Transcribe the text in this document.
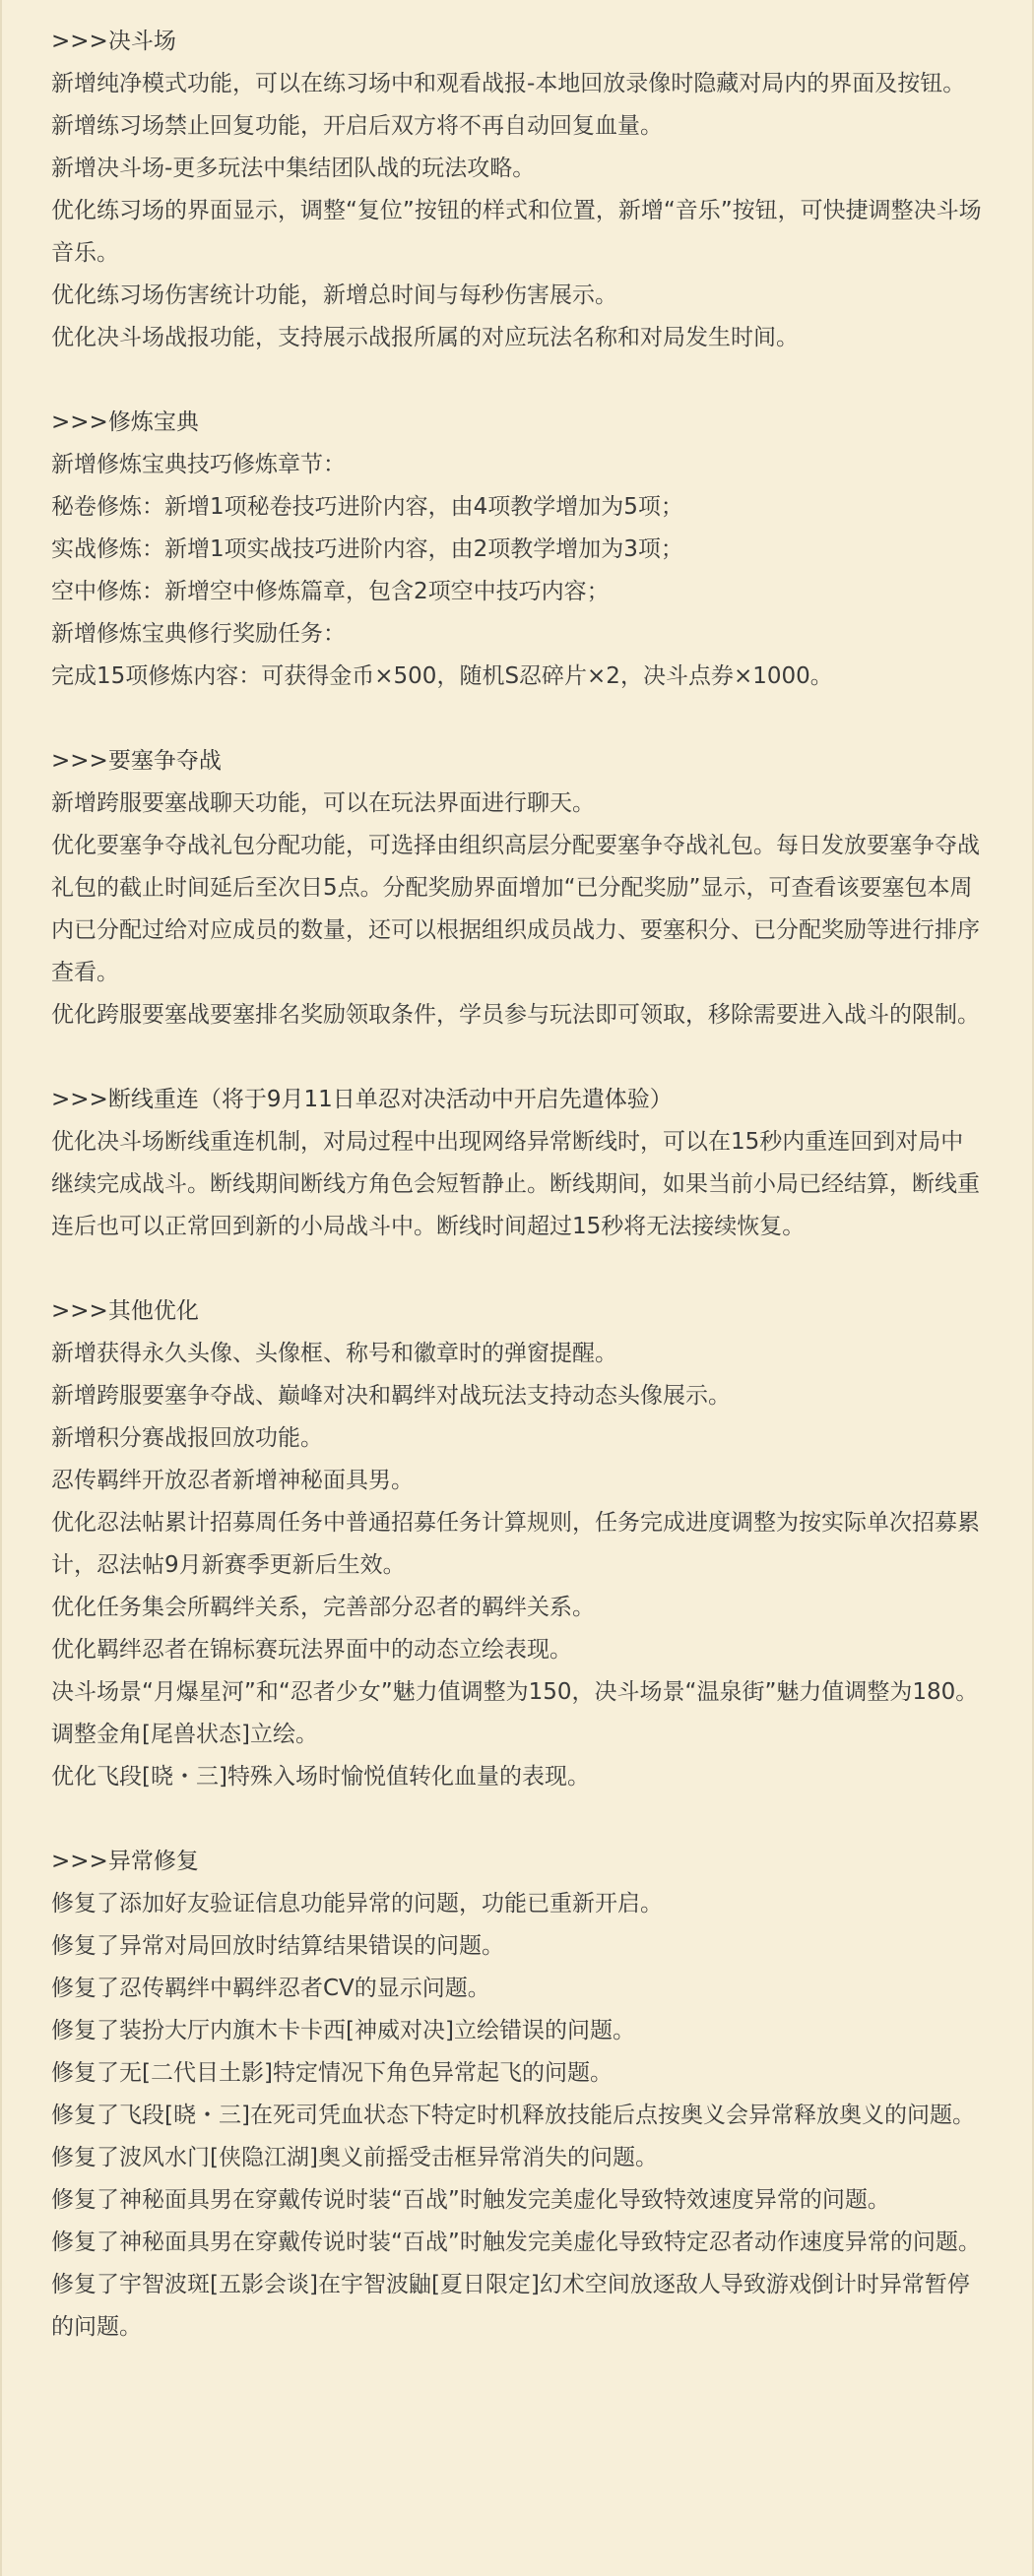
>>>决斗场

新增纯净模式功能，可以在练习场中和观看战报-本地回放录像时隐藏对局内的界面及按钮。

新增练习场禁止回复功能，开启后双方将不再自动回复血量。

新增决斗场-更多玩法中集结团队战的玩法攻略。

优化练习场的界面显示，调整“复位”按钮的样式和位置，新增“音乐”按钮，可快捷调整决斗场音乐。

优化练习场伤害统计功能，新增总时间与每秒伤害展示。

优化决斗场战报功能，支持展示战报所属的对应玩法名称和对局发生时间。

>>>修炼宝典

新增修炼宝典技巧修炼章节：

秘卷修炼：新增1项秘卷技巧进阶内容，由4项教学增加为5项；

实战修炼：新增1项实战技巧进阶内容，由2项教学增加为3项；

空中修炼：新增空中修炼篇章，包含2项空中技巧内容；

新增修炼宝典修行奖励任务：

完成15项修炼内容：可获得金币×500，随机S忍碎片×2，决斗点券×1000。

>>>要塞争夺战

新增跨服要塞战聊天功能，可以在玩法界面进行聊天。

优化要塞争夺战礼包分配功能，可选择由组织高层分配要塞争夺战礼包。每日发放要塞争夺战礼包的截止时间延后至次日5点。分配奖励界面增加“已分配奖励”显示，可查看该要塞包本周内已分配过给对应成员的数量，还可以根据组织成员战力、要塞积分、已分配奖励等进行排序查看。

优化跨服要塞战要塞排名奖励领取条件，学员参与玩法即可领取，移除需要进入战斗的限制。

>>>断线重连（将于9月11日单忍对决活动中开启先遣体验）

优化决斗场断线重连机制，对局过程中出现网络异常断线时，可以在15秒内重连回到对局中继续完成战斗。断线期间断线方角色会短暂静止。断线期间，如果当前小局已经结算，断线重连后也可以正常回到新的小局战斗中。断线时间超过15秒将无法接续恢复。

>>>其他优化

新增获得永久头像、头像框、称号和徽章时的弹窗提醒。

新增跨服要塞争夺战、巅峰对决和羁绊对战玩法支持动态头像展示。

新增积分赛战报回放功能。

忍传羁绊开放忍者新增神秘面具男。

优化忍法帖累计招募周任务中普通招募任务计算规则，任务完成进度调整为按实际单次招募累计，忍法帖9月新赛季更新后生效。

优化任务集会所羁绊关系，完善部分忍者的羁绊关系。

优化羁绊忍者在锦标赛玩法界面中的动态立绘表现。

决斗场景“月爆星河”和“忍者少女”魅力值调整为150，决斗场景“温泉街”魅力值调整为180。

调整金角[尾兽状态]立绘。

优化飞段[晓・三]特殊入场时愉悦值转化血量的表现。

>>>异常修复

修复了添加好友验证信息功能异常的问题，功能已重新开启。

修复了异常对局回放时结算结果错误的问题。

修复了忍传羁绊中羁绊忍者CV的显示问题。

修复了装扮大厅内旗木卡卡西[神威对决]立绘错误的问题。

修复了无[二代目土影]特定情况下角色异常起飞的问题。

修复了飞段[晓・三]在死司凭血状态下特定时机释放技能后点按奥义会异常释放奥义的问题。

修复了波风水门[侠隐江湖]奥义前摇受击框异常消失的问题。

修复了神秘面具男在穿戴传说时装“百战”时触发完美虚化导致特效速度异常的问题。

修复了神秘面具男在穿戴传说时装“百战”时触发完美虚化导致特定忍者动作速度异常的问题。

修复了宇智波斑[五影会谈]在宇智波鼬[夏日限定]幻术空间放逐敌人导致游戏倒计时异常暂停的问题。
